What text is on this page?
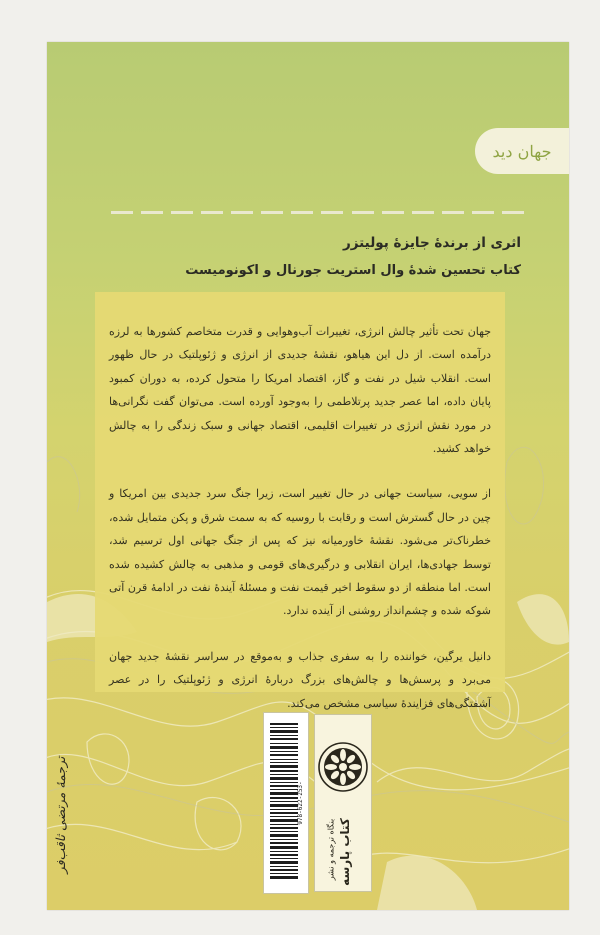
جهان دید
اثری از برندهٔ جایزهٔ پولیتزر
کتاب تحسین شدهٔ وال استریت جورنال و اکونومیست

جهان تحت تأثیر چالش انرژی، تغییرات آب‌وهوایی و قدرت متخاصم کشورها به لرزه درآمده است. از دل این هیاهو، نقشهٔ جدیدی از انرژی و ژئوپلتیک در حال ظهور است. انقلاب شیل در نفت و گاز، اقتصاد امریکا را متحول کرده، به دوران کمبود پایان داده، اما عصر جدید پرتلاطمی را به‌وجود آورده است. می‌توان گفت نگرانی‌ها در مورد نقش انرژی در تغییرات اقلیمی، اقتصاد جهانی و سبک زندگی را به چالش خواهد کشید.

از سویی، سیاست جهانی در حال تغییر است، زیرا جنگ سرد جدیدی بین امریکا و چین در حال گسترش است و رقابت با روسیه که به سمت شرق و پکن متمایل شده، خطرناک‌تر می‌شود. نقشهٔ خاورمیانه نیز که پس از جنگ جهانی اول ترسیم شد، توسط جهادی‌ها، ایران انقلابی و درگیری‌های قومی و مذهبی به چالش کشیده شده است. اما منطقه از دو سقوط اخیر قیمت نفت و مسئلهٔ آیندهٔ نفت در ادامهٔ قرن آتی شوکه شده و چشم‌انداز روشنی از آینده ندارد.

دانیل یرگین، خواننده را به سفری جذاب و به‌موقع در سراسر نقشهٔ جدید جهان می‌برد و پرسش‌ها و چالش‌های بزرگ دربارهٔ انرژی و ژئوپلتیک را در عصر آشفتگی‌های فزایندهٔ سیاسی مشخص می‌کند.

ترجمهٔ مرتضی ثاقب‌فر	978-622-253-
بنگاه ترجمه و نشر کتاب پارسه
